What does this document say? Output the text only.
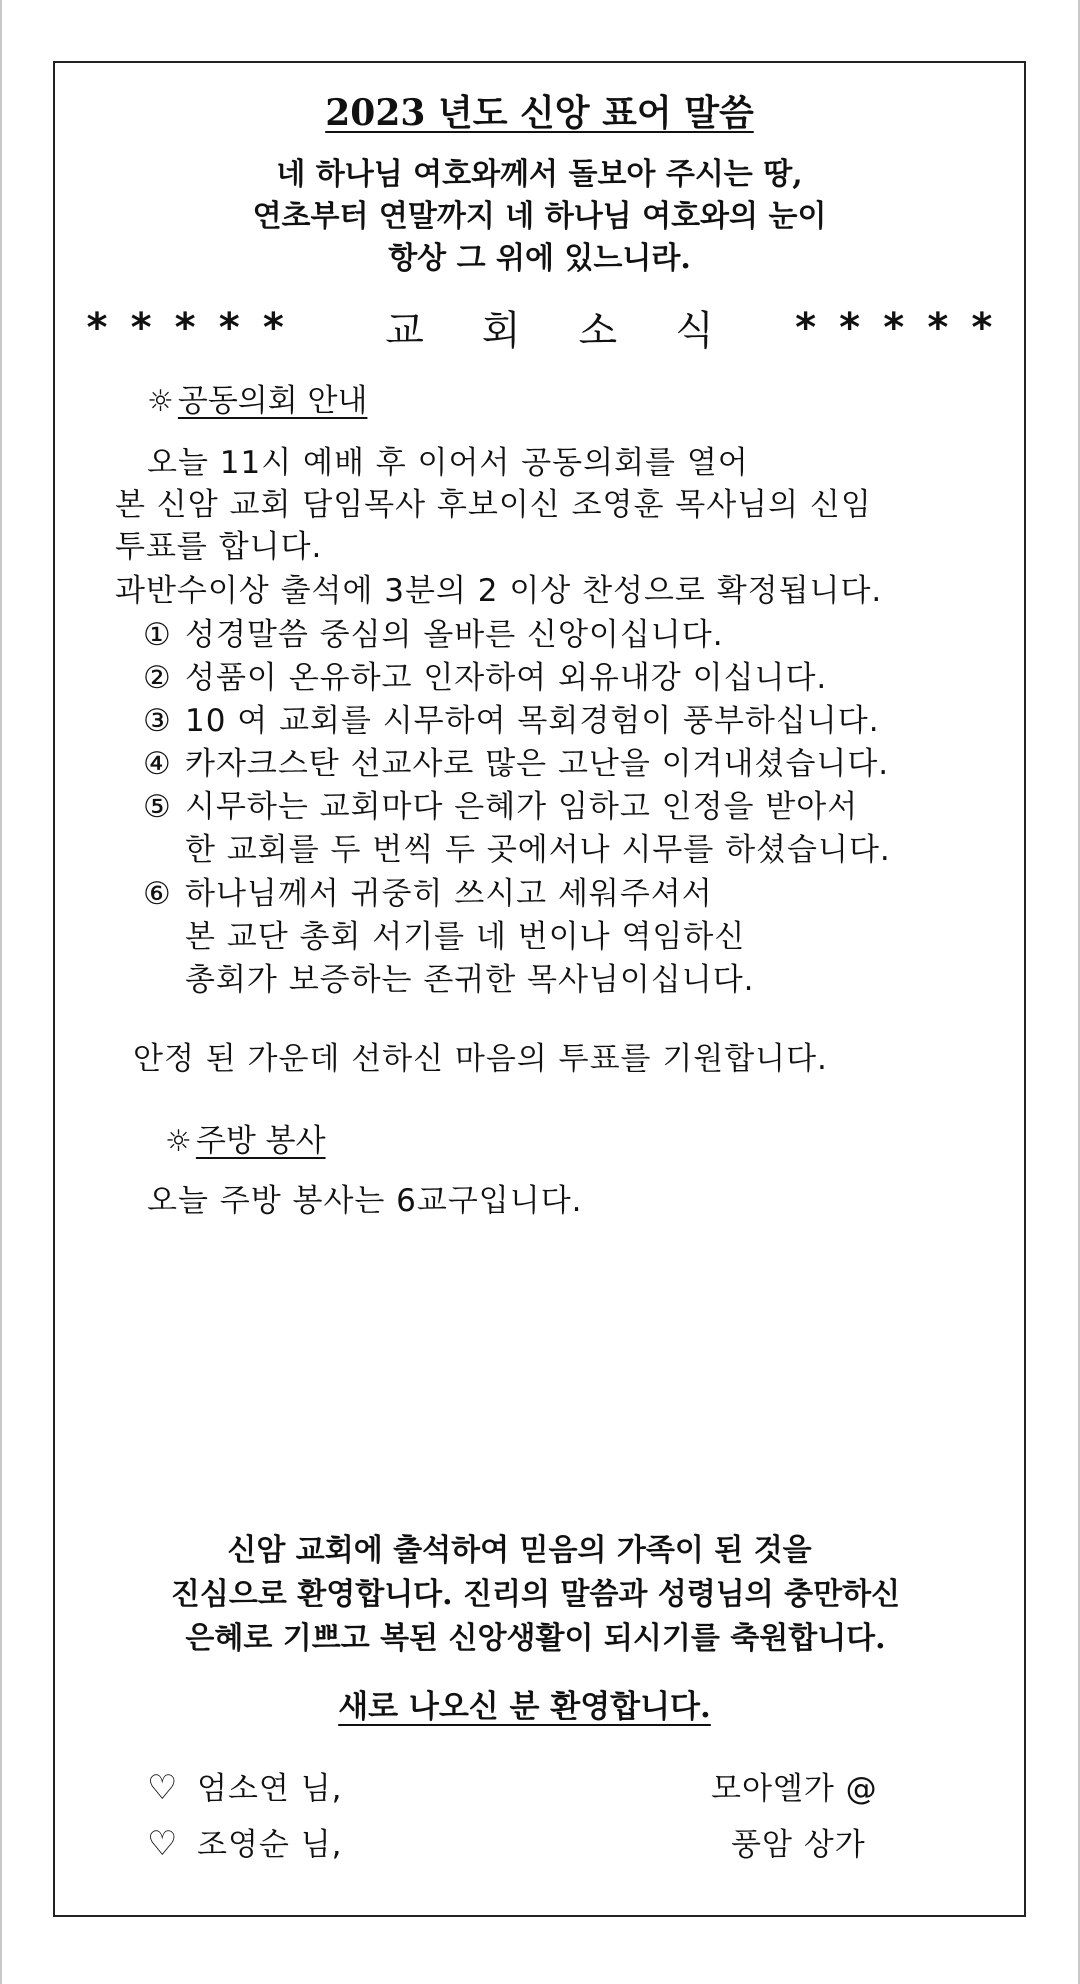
2023 년도 신앙 표어 말씀
네 하나님 여호와께서 돌보아 주시는 땅,
연초부터 연말까지 네 하나님 여호와의 눈이
항상 그 위에 있느니라.
***** 교회소식 *****
☼ 공동의회 안내
오늘 11시 예배 후 이어서 공동의회를 열어
본 신암 교회 담임목사 후보이신 조영훈 목사님의 신임
투표를 합니다.
과반수이상 출석에 3분의 2 이상 찬성으로 확정됩니다.
① 성경말씀 중심의 올바른 신앙이십니다.
② 성품이 온유하고 인자하여 외유내강 이십니다.
③ 10 여 교회를 시무하여 목회경험이 풍부하십니다.
④ 카자크스탄 선교사로 많은 고난을 이겨내셨습니다.
⑤ 시무하는 교회마다 은혜가 임하고 인정을 받아서
한 교회를 두 번씩 두 곳에서나 시무를 하셨습니다.
⑥ 하나님께서 귀중히 쓰시고 세워주셔서
본 교단 총회 서기를 네 번이나 역임하신
총회가 보증하는 존귀한 목사님이십니다.
안정 된 가운데 선하신 마음의 투표를 기원합니다.
☼ 주방 봉사
오늘 주방 봉사는 6교구입니다.
신암 교회에 출석하여 믿음의 가족이 된 것을
진심으로 환영합니다. 진리의 말씀과 성령님의 충만하신
은혜로 기쁘고 복된 신앙생활이 되시기를 축원합니다.
새로 나오신 분 환영합니다.
♡ 엄소연 님,	모아엘가 @
♡ 조영순 님,	풍암 상가
